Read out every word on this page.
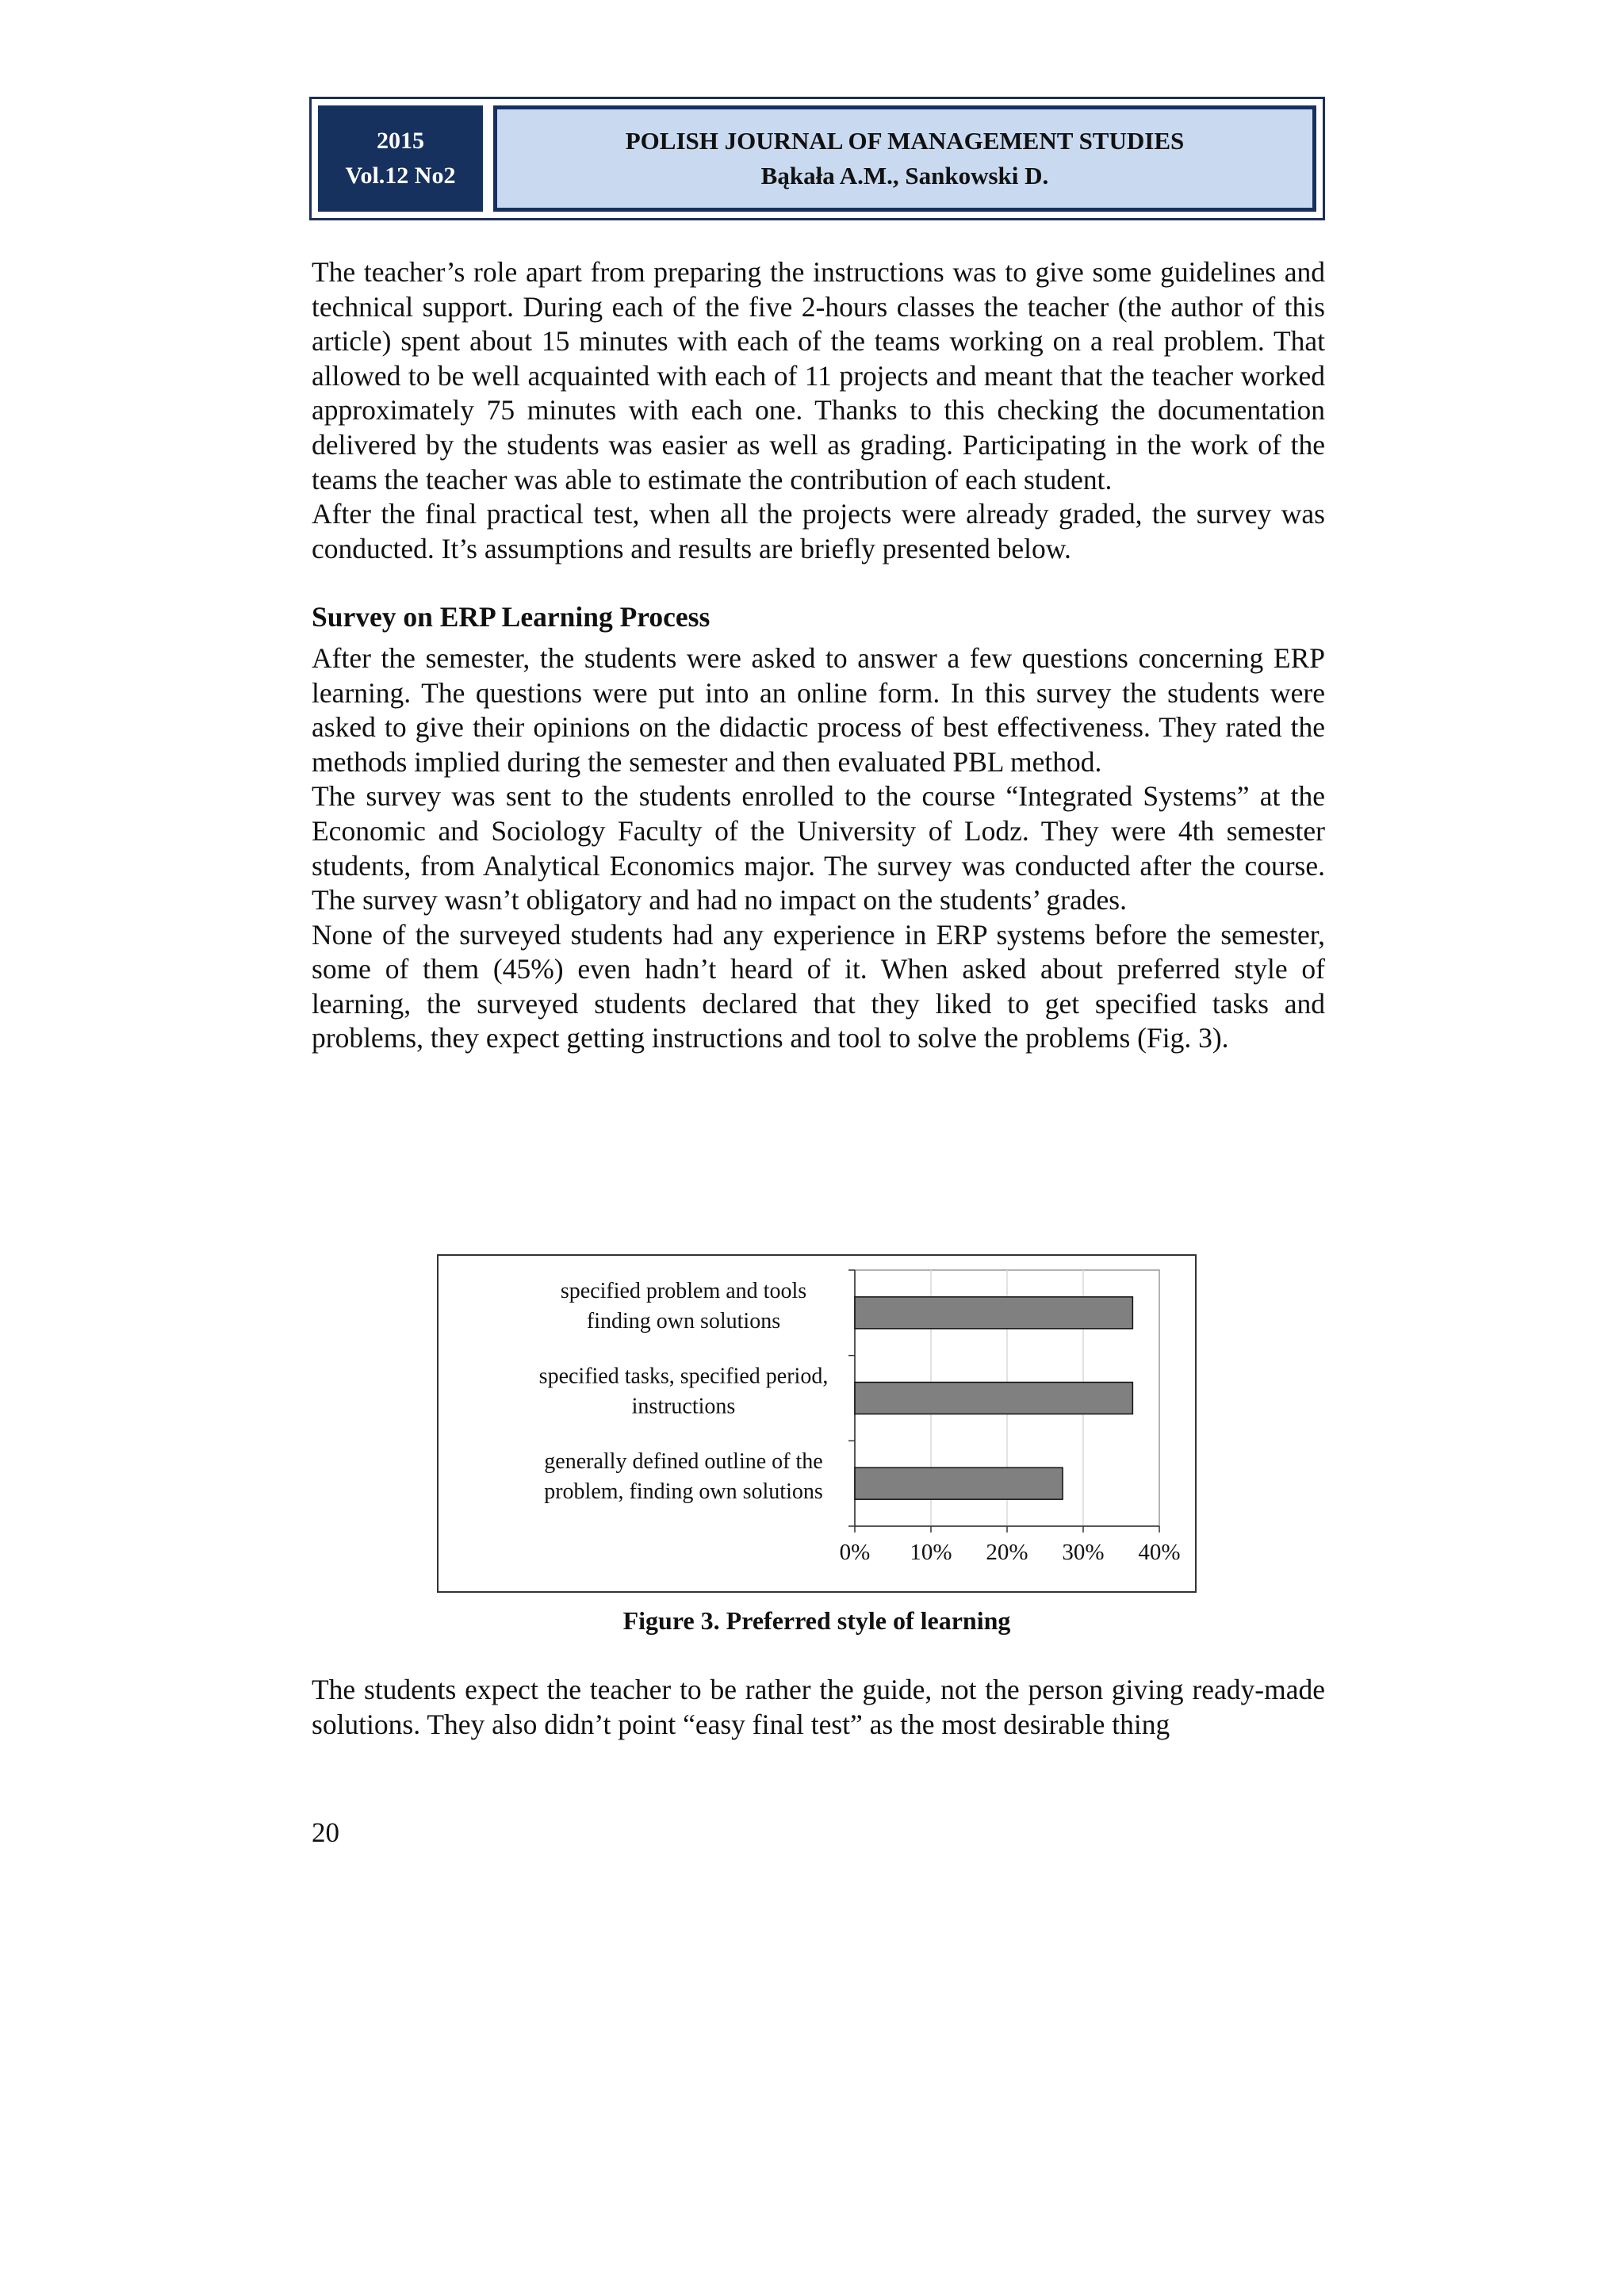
2015
Vol.12 No2
POLISH JOURNAL OF MANAGEMENT STUDIES
Bąkała A.M., Sankowski D.

The teacher’s role apart from preparing the instructions was to give some guidelines and technical support. During each of the five 2-hours classes the teacher (the author of this article) spent about 15 minutes with each of the teams working on a real problem. That allowed to be well acquainted with each of 11 projects and meant that the teacher worked approximately 75 minutes with each one. Thanks to this checking the documentation delivered by the students was easier as well as grading. Participating in the work of the teams the teacher was able to estimate the contribution of each student.

After the final practical test, when all the projects were already graded, the survey was conducted. It’s assumptions and results are briefly presented below.

Survey on ERP Learning Process

After the semester, the students were asked to answer a few questions concerning ERP learning. The questions were put into an online form. In this survey the students were asked to give their opinions on the didactic process of best effectiveness. They rated the methods implied during the semester and then evaluated PBL method.

The survey was sent to the students enrolled to the course “Integrated Systems” at the Economic and Sociology Faculty of the University of Lodz. They were 4th semester students, from Analytical Economics major. The survey was conducted after the course. The survey wasn’t obligatory and had no impact on the students’ grades.

None of the surveyed students had any experience in ERP systems before the semester, some of them (45%) even hadn’t heard of it. When asked about preferred style of learning, the surveyed students declared that they liked to get specified tasks and problems, they expect getting instructions and tool to solve the problems (Fig. 3).

0% 10% 20% 30% 40%
specified problem and tools finding own solutions
specified tasks, specified period, instructions
generally defined outline of the problem, finding own solutions
Figure 3. Preferred style of learning

The students expect the teacher to be rather the guide, not the person giving ready-made solutions. They also didn’t point “easy final test” as the most desirable thing

20
